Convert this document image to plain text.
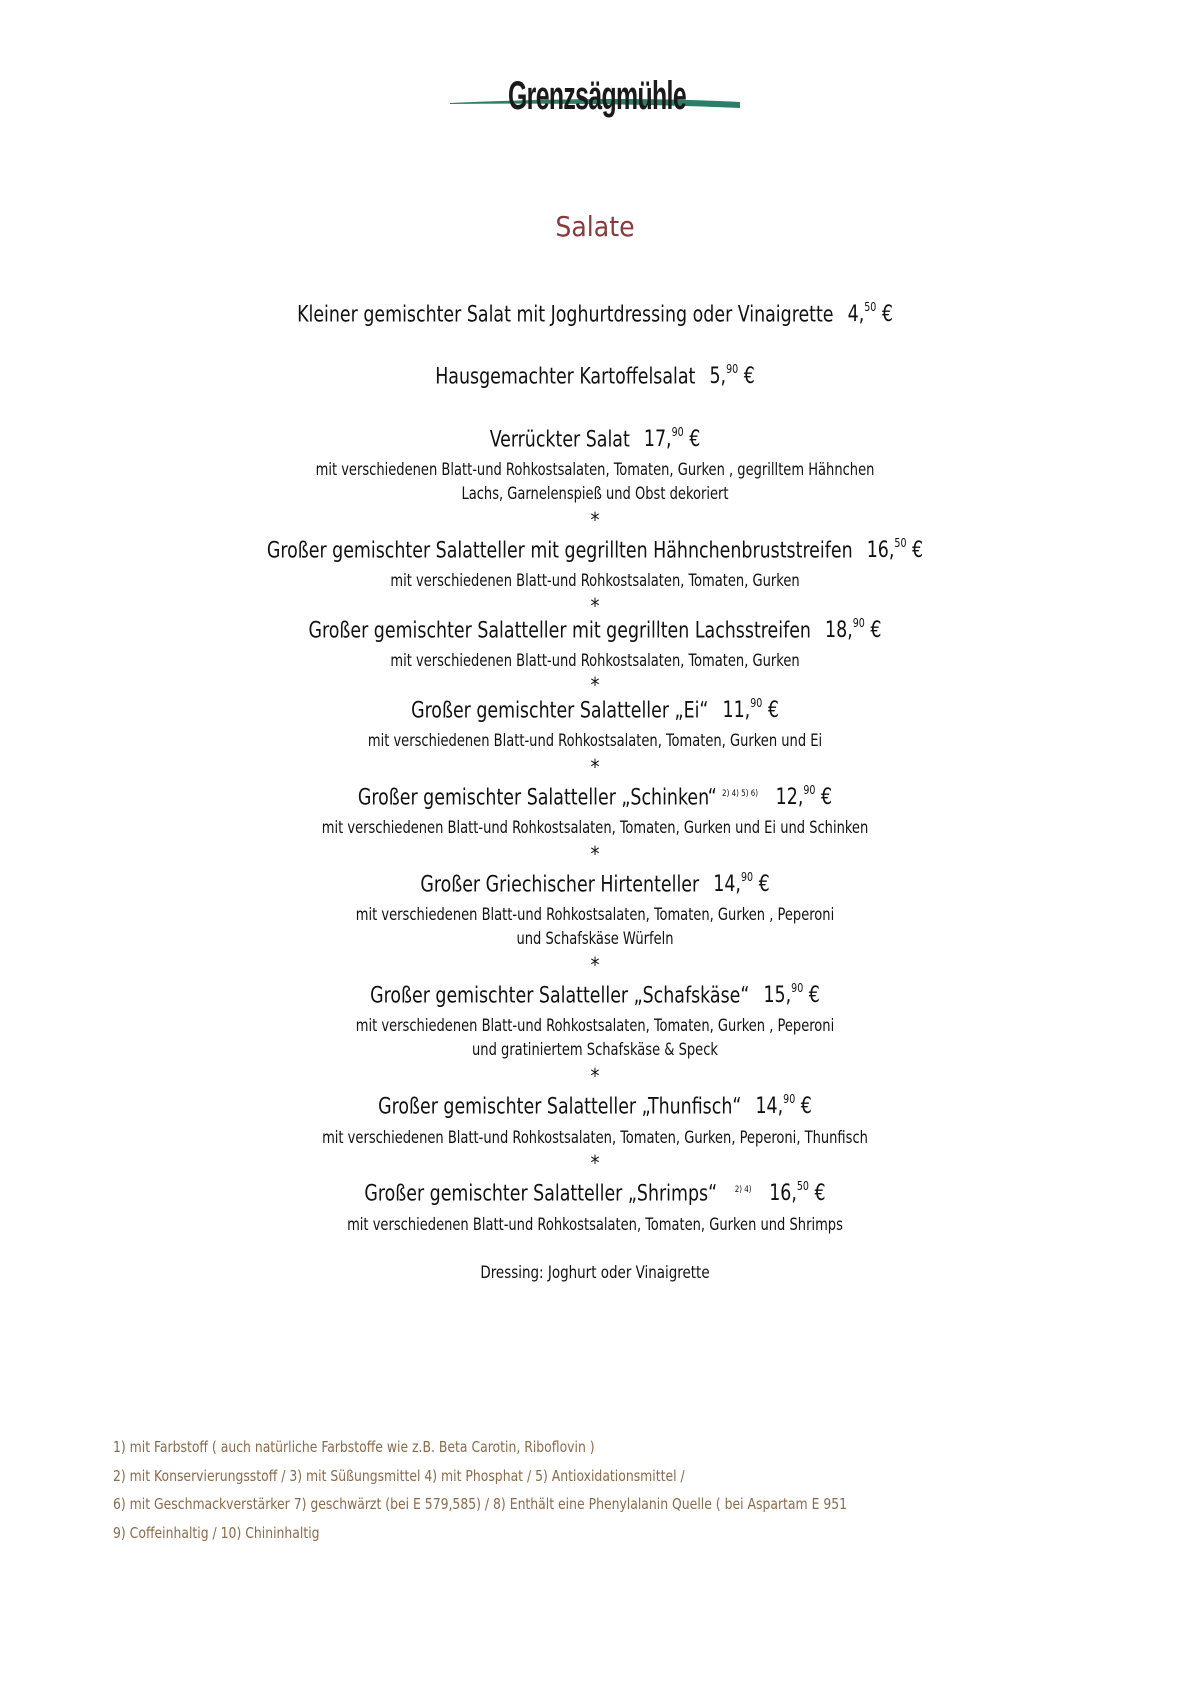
Grenzsägmühle
Salate
Kleiner gemischter Salat mit Joghurtdressing oder Vinaigrette 4,50 €
Hausgemachter Kartoffelsalat 5,90 €
Verrückter Salat 17,90 €
mit verschiedenen Blatt-und Rohkostsalaten, Tomaten, Gurken , gegrilltem Hähnchen
Lachs, Garnelenspieß und Obst dekoriert
*
Großer gemischter Salatteller mit gegrillten Hähnchenbruststreifen 16,50 €
mit verschiedenen Blatt-und Rohkostsalaten, Tomaten, Gurken
*
Großer gemischter Salatteller mit gegrillten Lachsstreifen 18,90 €
mit verschiedenen Blatt-und Rohkostsalaten, Tomaten, Gurken
*
Großer gemischter Salatteller „Ei“ 11,90 €
mit verschiedenen Blatt-und Rohkostsalaten, Tomaten, Gurken und Ei
*
Großer gemischter Salatteller „Schinken“ $^{2) 4) 5) 6)}$ 12,90 €
mit verschiedenen Blatt-und Rohkostsalaten, Tomaten, Gurken und Ei und Schinken
*
Großer Griechischer Hirtenteller 14,90 €
mit verschiedenen Blatt-und Rohkostsalaten, Tomaten, Gurken , Peperoni
und Schafskäse Würfeln
*
Großer gemischter Salatteller „Schafskäse“ 15,90 €
mit verschiedenen Blatt-und Rohkostsalaten, Tomaten, Gurken , Peperoni
und gratiniertem Schafskäse & Speck
*
Großer gemischter Salatteller „Thunfisch“ 14,90 €
mit verschiedenen Blatt-und Rohkostsalaten, Tomaten, Gurken, Peperoni, Thunfisch
*
Großer gemischter Salatteller „Shrimps“ $^{2) 4)}$ 16,50 €
mit verschiedenen Blatt-und Rohkostsalaten, Tomaten, Gurken und Shrimps
Dressing: Joghurt oder Vinaigrette
1) mit Farbstoff ( auch natürliche Farbstoffe wie z.B. Beta Carotin, Riboflovin )
2) mit Konservierungsstoff / 3) mit Süßungsmittel 4) mit Phosphat / 5) Antioxidationsmittel /
6) mit Geschmackverstärker 7) geschwärzt (bei E 579,585) / 8) Enthält eine Phenylalanin Quelle ( bei Aspartam E 951
9) Coffeinhaltig / 10) Chininhaltig
